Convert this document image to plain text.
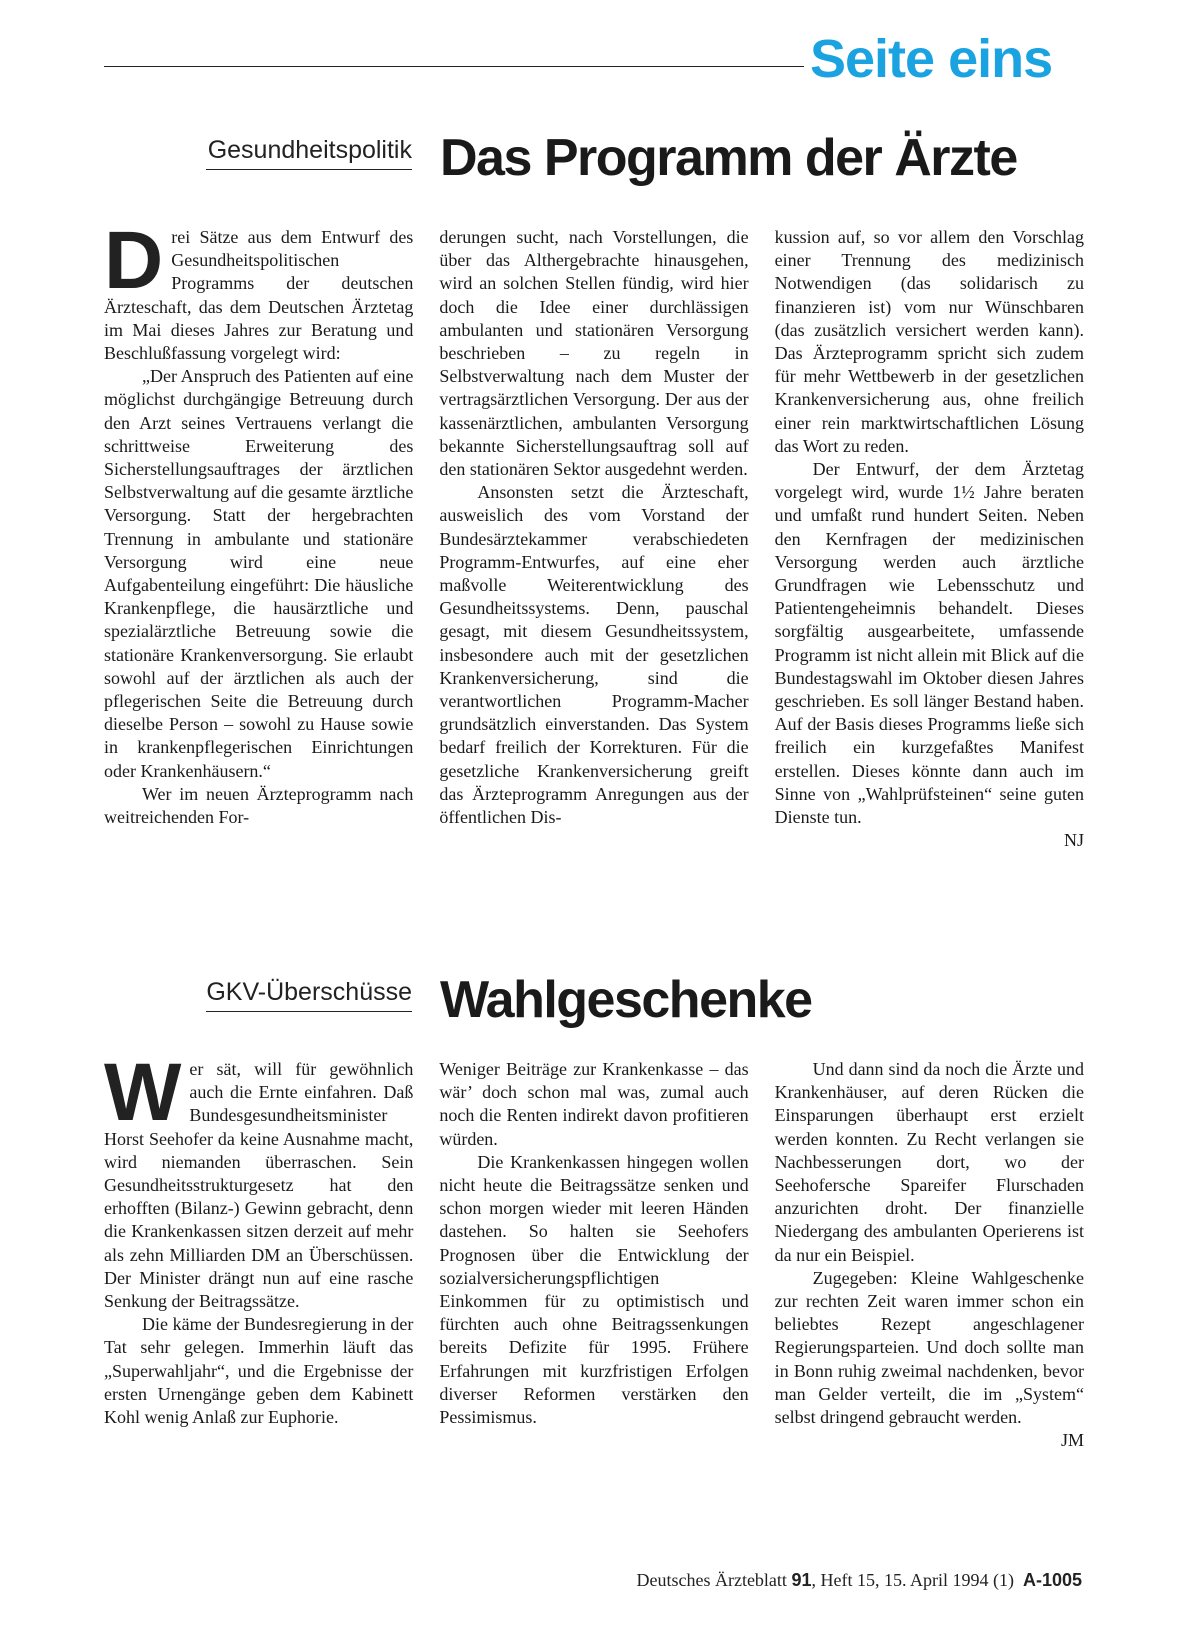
Seite eins
Gesundheitspolitik Das Programm der Ärzte

Drei Sätze aus dem Entwurf des Gesundheitspolitischen Programms der deutschen Ärzteschaft, das dem Deutschen Ärztetag im Mai dieses Jahres zur Beratung und Beschlußfassung vorgelegt wird:

„Der Anspruch des Patienten auf eine möglichst durchgängige Betreuung durch den Arzt seines Vertrauens verlangt die schrittweise Erweiterung des Sicherstellungsauftrages der ärztlichen Selbstverwaltung auf die gesamte ärztliche Versorgung. Statt der hergebrachten Trennung in ambulante und stationäre Versorgung wird eine neue Aufgabenteilung eingeführt: Die häusliche Krankenpflege, die hausärztliche und spezialärztliche Betreuung sowie die stationäre Krankenversorgung. Sie erlaubt sowohl auf der ärztlichen als auch der pflegerischen Seite die Betreuung durch dieselbe Person – sowohl zu Hause sowie in krankenpflegerischen Einrichtungen oder Krankenhäusern.“

Wer im neuen Ärzteprogramm nach weitreichenden For-

derungen sucht, nach Vorstellungen, die über das Althergebrachte hinausgehen, wird an solchen Stellen fündig, wird hier doch die Idee einer durchlässigen ambulanten und stationären Versorgung beschrieben – zu regeln in Selbstverwaltung nach dem Muster der vertragsärztlichen Versorgung. Der aus der kassenärztlichen, ambulanten Versorgung bekannte Sicherstellungsauftrag soll auf den stationären Sektor ausgedehnt werden.

Ansonsten setzt die Ärzteschaft, ausweislich des vom Vorstand der Bundesärztekammer verabschiedeten Programm-Entwurfes, auf eine eher maßvolle Weiterentwicklung des Gesundheitssystems. Denn, pauschal gesagt, mit diesem Gesundheitssystem, insbesondere auch mit der gesetzlichen Krankenversicherung, sind die verantwortlichen Programm-Macher grundsätzlich einverstanden. Das System bedarf freilich der Korrekturen. Für die gesetzliche Krankenversicherung greift das Ärzteprogramm Anregungen aus der öffentlichen Dis-

kussion auf, so vor allem den Vorschlag einer Trennung des medizinisch Notwendigen (das solidarisch zu finanzieren ist) vom nur Wünschbaren (das zusätzlich versichert werden kann). Das Ärzteprogramm spricht sich zudem für mehr Wettbewerb in der gesetzlichen Krankenversicherung aus, ohne freilich einer rein marktwirtschaftlichen Lösung das Wort zu reden.

Der Entwurf, der dem Ärztetag vorgelegt wird, wurde 1½ Jahre beraten und umfaßt rund hundert Seiten. Neben den Kernfragen der medizinischen Versorgung werden auch ärztliche Grundfragen wie Lebensschutz und Patientengeheimnis behandelt. Dieses sorgfältig ausgearbeitete, umfassende Programm ist nicht allein mit Blick auf die Bundestagswahl im Oktober diesen Jahres geschrieben. Es soll länger Bestand haben. Auf der Basis dieses Programms ließe sich freilich ein kurzgefaßtes Manifest erstellen. Dieses könnte dann auch im Sinne von „Wahlprüfsteinen“ seine guten Dienste tun.

NJ
GKV-Überschüsse Wahlgeschenke

Wer sät, will für gewöhnlich auch die Ernte einfahren. Daß Bundesgesundheitsminister Horst Seehofer da keine Ausnahme macht, wird niemanden überraschen. Sein Gesundheitsstrukturgesetz hat den erhofften (Bilanz-) Gewinn gebracht, denn die Krankenkassen sitzen derzeit auf mehr als zehn Milliarden DM an Überschüssen. Der Minister drängt nun auf eine rasche Senkung der Beitragssätze.

Die käme der Bundesregierung in der Tat sehr gelegen. Immerhin läuft das „Superwahljahr“, und die Ergebnisse der ersten Urnengänge geben dem Kabinett Kohl wenig Anlaß zur Euphorie.

Weniger Beiträge zur Krankenkasse – das wär’ doch schon mal was, zumal auch noch die Renten indirekt davon profitieren würden.

Die Krankenkassen hingegen wollen nicht heute die Beitragssätze senken und schon morgen wieder mit leeren Händen dastehen. So halten sie Seehofers Prognosen über die Entwicklung der sozialversicherungspflichtigen Einkommen für zu optimistisch und fürchten auch ohne Beitragssenkungen bereits Defizite für 1995. Frühere Erfahrungen mit kurzfristigen Erfolgen diverser Reformen verstärken den Pessimismus.

Und dann sind da noch die Ärzte und Krankenhäuser, auf deren Rücken die Einsparungen überhaupt erst erzielt werden konnten. Zu Recht verlangen sie Nachbesserungen dort, wo der Seehofersche Spareifer Flurschaden anzurichten droht. Der finanzielle Niedergang des ambulanten Operierens ist da nur ein Beispiel.

Zugegeben: Kleine Wahlgeschenke zur rechten Zeit waren immer schon ein beliebtes Rezept angeschlagener Regierungsparteien. Und doch sollte man in Bonn ruhig zweimal nachdenken, bevor man Gelder verteilt, die im „System“ selbst dringend gebraucht werden.

JM
Deutsches Ärzteblatt 91, Heft 15, 15. April 1994 (1) A-1005
